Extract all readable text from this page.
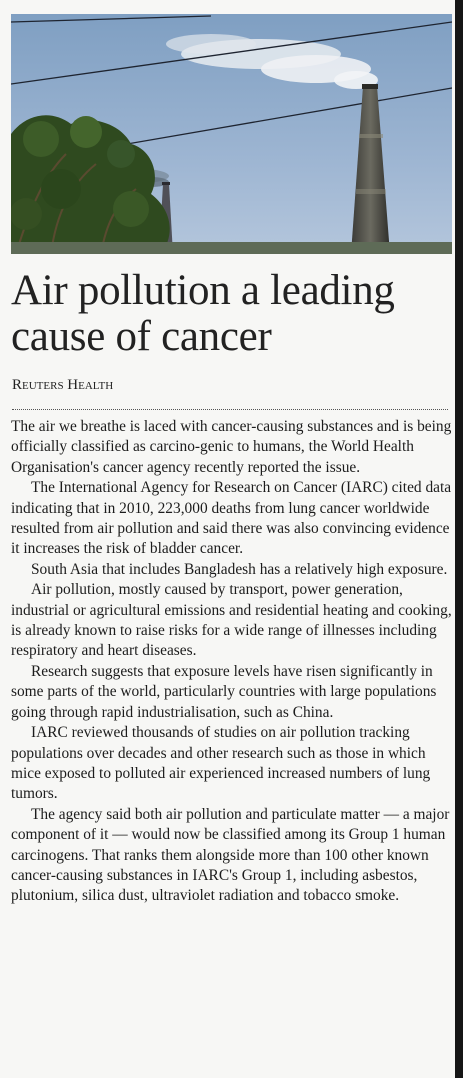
Air pollution a leading
cause of cancer
Reuters Health

The air we breathe is laced with cancer-causing substances and is being officially classified as carcino-genic to humans, the World Health Organisation's cancer agency recently reported the issue.

The International Agency for Research on Cancer (IARC) cited data indicating that in 2010, 223,000 deaths from lung cancer worldwide resulted from air pollution and said there was also convincing evidence it increases the risk of bladder cancer.

South Asia that includes Bangladesh has a relatively high exposure.

Air pollution, mostly caused by transport, power generation, industrial or agricultural emissions and residential heating and cooking, is already known to raise risks for a wide range of illnesses including respiratory and heart diseases.

Research suggests that exposure levels have risen significantly in some parts of the world, particularly countries with large populations going through rapid industrialisation, such as China.

IARC reviewed thousands of studies on air pollution tracking populations over decades and other research such as those in which mice exposed to polluted air experienced increased numbers of lung tumors.

The agency said both air pollution and particulate matter — a major component of it — would now be classified among its Group 1 human carcinogens. That ranks them alongside more than 100 other known cancer-causing substances in IARC's Group 1, including asbestos, plutonium, silica dust, ultraviolet radiation and tobacco smoke.
